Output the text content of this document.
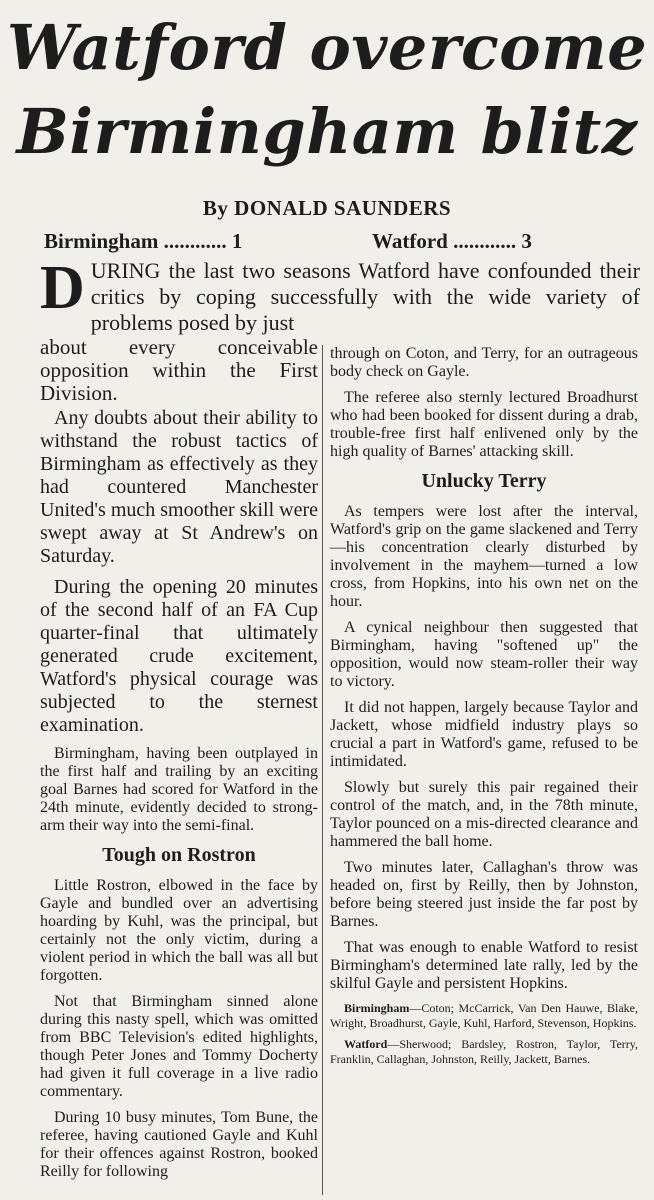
Watford overcome
Birmingham blitz
By DONALD SAUNDERS
Birmingham ............ 1	Watford ............ 3
D URING the last two seasons Watford have confounded their critics by coping successfully with the wide variety of problems posed by just
about every conceivable opposition within the First Division.

Any doubts about their ability to withstand the robust tactics of Birmingham as effectively as they had countered Manchester United's much smoother skill were swept away at St Andrew's on Saturday.

During the opening 20 minutes of the second half of an FA Cup quarter-final that ultimately generated crude excitement, Watford's physical courage was subjected to the sternest examination.

Birmingham, having been outplayed in the first half and trailing by an exciting goal Barnes had scored for Watford in the 24th minute, evidently decided to strong-arm their way into the semi-final.

Tough on Rostron

Little Rostron, elbowed in the face by Gayle and bundled over an advertising hoarding by Kuhl, was the principal, but certainly not the only victim, during a violent period in which the ball was all but forgotten.

Not that Birmingham sinned alone during this nasty spell, which was omitted from BBC Television's edited highlights, though Peter Jones and Tommy Docherty had given it full coverage in a live radio commentary.

During 10 busy minutes, Tom Bune, the referee, having cautioned Gayle and Kuhl for their offences against Rostron, booked Reilly for following

through on Coton, and Terry, for an outrageous body check on Gayle.

The referee also sternly lectured Broadhurst who had been booked for dissent during a drab, trouble-free first half enlivened only by the high quality of Barnes' attacking skill.

Unlucky Terry

As tempers were lost after the interval, Watford's grip on the game slackened and Terry—his concentration clearly disturbed by involvement in the mayhem—turned a low cross, from Hopkins, into his own net on the hour.

A cynical neighbour then suggested that Birmingham, having "softened up" the opposition, would now steam-roller their way to victory.

It did not happen, largely because Taylor and Jackett, whose midfield industry plays so crucial a part in Watford's game, refused to be intimidated.

Slowly but surely this pair regained their control of the match, and, in the 78th minute, Taylor pounced on a mis-directed clearance and hammered the ball home.

Two minutes later, Callaghan's throw was headed on, first by Reilly, then by Johnston, before being steered just inside the far post by Barnes.

That was enough to enable Watford to resist Birmingham's determined late rally, led by the skilful Gayle and persistent Hopkins.

Birmingham—Coton; McCarrick, Van Den Hauwe, Blake, Wright, Broadhurst, Gayle, Kuhl, Harford, Stevenson, Hopkins.
Watford—Sherwood; Bardsley, Rostron, Taylor, Terry, Franklin, Callaghan, Johnston, Reilly, Jackett, Barnes.
